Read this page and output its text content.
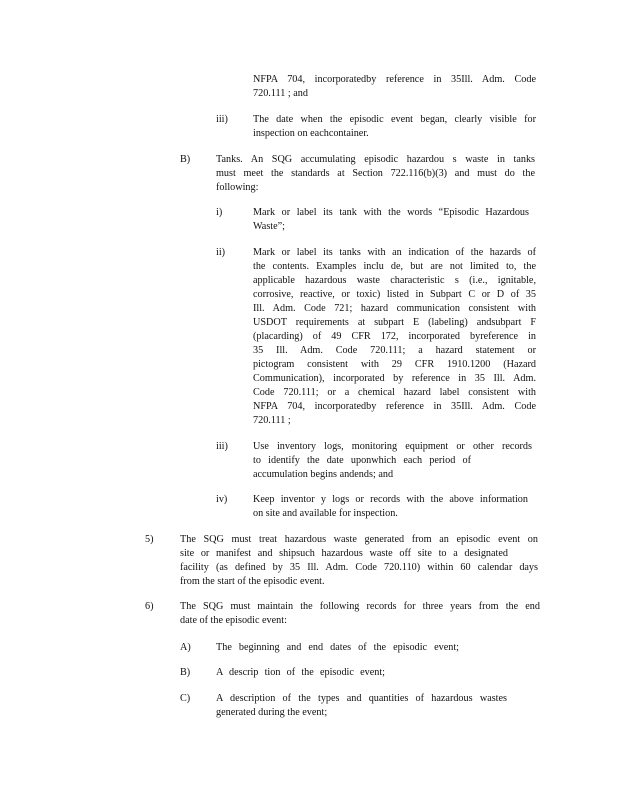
NFPA 704, incorporatedby reference in 35Ill. Adm. Code
720.111 ; and
iii) The date when the episodic event began, clearly visible for
inspection on eachcontainer.
B)	Tanks. An SQG accumulating episodic hazardou s waste in tanks
must meet the standards at Section 722.116(b)(3) and must do the
following:
i)	Mark or label its tank with the words “Episodic Hazardous
Waste”;
ii)	Mark or label its tanks with an indication of the hazards of
the contents. Examples inclu de, but are not limited to, the
applicable hazardous waste characteristic s (i.e., ignitable,
corrosive, reactive, or toxic) listed in Subpart C or D of 35
Ill. Adm. Code 721; hazard communication consistent with
USDOT requirements at subpart E (labeling) andsubpart F
(placarding) of 49 CFR 172, incorporated byreference in
35 Ill. Adm. Code 720.111; a hazard statement or
pictogram consistent with 29 CFR 1910.1200 (Hazard
Communication), incorporated by reference in 35 Ill. Adm.
Code 720.111; or a chemical hazard label consistent with
NFPA 704, incorporatedby reference in 35Ill. Adm. Code
720.111 ;
iii) Use inventory logs, monitoring equipment or other records
to identify the date uponwhich each period of
accumulation begins andends; and
iv)	Keep inventor y logs or records with the above information
on site and available for inspection.
5)	The SQG must treat hazardous waste generated from an episodic event on
site or manifest and shipsuch hazardous waste off site to a designated
facility (as defined by 35 Ill. Adm. Code 720.110) within 60 calendar days
from the start of the episodic event.
6)	The SQG must maintain the following records for three years from the end
date of the episodic event:
A) The beginning and end dates of the episodic event;
B)	A descrip tion of the episodic event;
C)	A description of the types and quantities of hazardous wastes
generated during the event;
